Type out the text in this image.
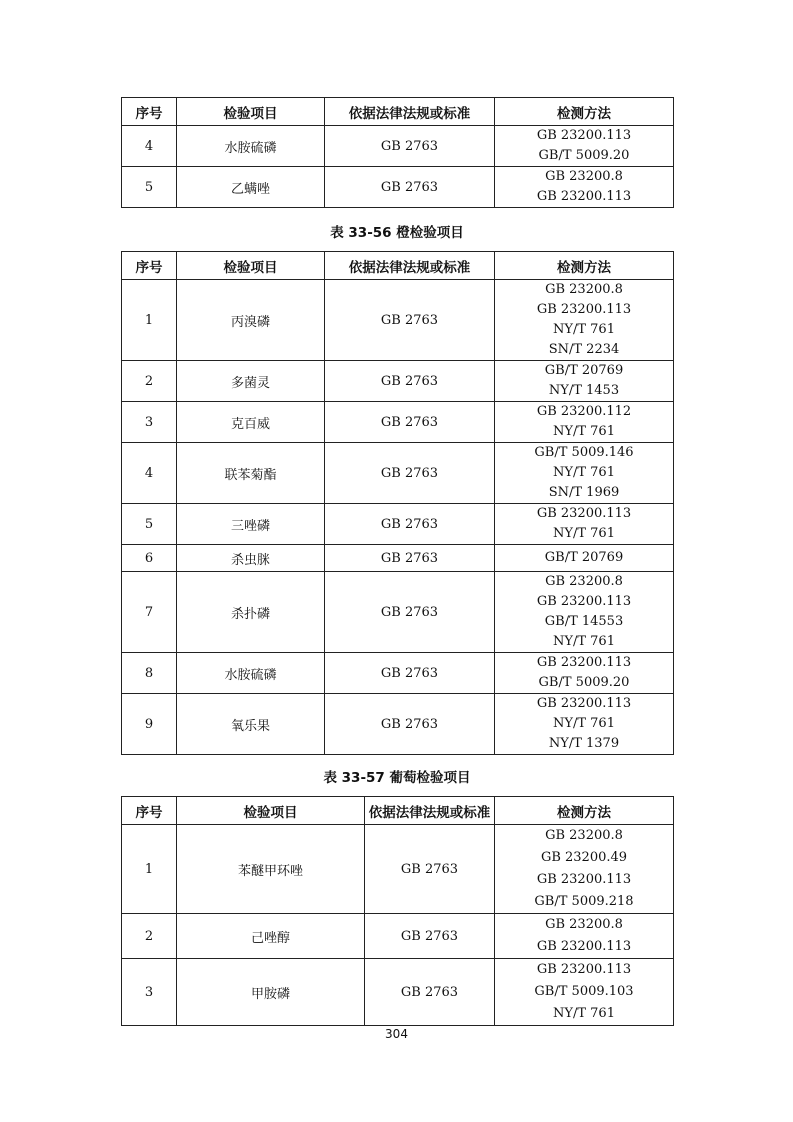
序号	检验项目	依据法律法规或标准	检测方法
4	水胺硫磷	GB 2763	GB 23200.113
GB/T 5009.20

5	乙螨唑	GB 2763	GB 23200.8
GB 23200.113
表 33-56 橙检验项目
序号	检验项目	依据法律法规或标准	检测方法
1	丙溴磷	GB 2763	GB 23200.8
GB 23200.113
NY/T 761
SN/T 2234

2	多菌灵	GB 2763	GB/T 20769
NY/T 1453

3	克百威	GB 2763	GB 23200.112
NY/T 761

4	联苯菊酯	GB 2763	GB/T 5009.146
NY/T 761
SN/T 1969

5	三唑磷	GB 2763	GB 23200.113
NY/T 761

6	杀虫脒	GB 2763	GB/T 20769

7	杀扑磷	GB 2763	GB 23200.8
GB 23200.113
GB/T 14553
NY/T 761

8	水胺硫磷	GB 2763	GB 23200.113
GB/T 5009.20

9	氧乐果	GB 2763	GB 23200.113
NY/T 761
NY/T 1379
表 33-57 葡萄检验项目
序号	检验项目	依据法律法规或标准	检测方法
1	苯醚甲环唑	GB 2763	GB 23200.8
GB 23200.49
GB 23200.113
GB/T 5009.218

2	己唑醇	GB 2763	GB 23200.8
GB 23200.113

3	甲胺磷	GB 2763	GB 23200.113
GB/T 5009.103
NY/T 761
304
